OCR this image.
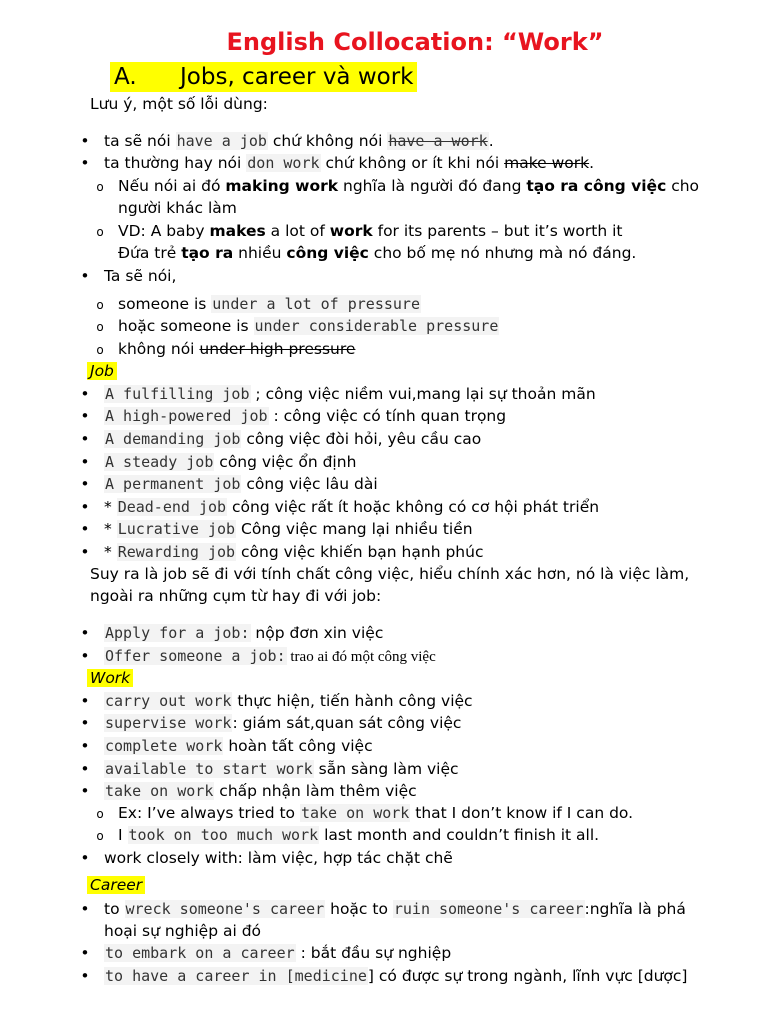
English Collocation: “Work”
A. Jobs, career và work
Lưu ý, một số lỗi dùng:
• ta sẽ nói have a job chứ không nói have a work.
• ta thường hay nói don work chứ không or ít khi nói make work.
o Nếu nói ai đó making work nghĩa là người đó đang tạo ra công việc cho
người khác làm
o VD: A baby makes a lot of work for its parents – but it’s worth it
Đứa trẻ tạo ra nhiều công việc cho bố mẹ nó nhưng mà nó đáng.
• Ta sẽ nói,
o someone is under a lot of pressure
o hoặc someone is under considerable pressure
o không nói under high pressure
Job
• A fulfilling job ; công việc niềm vui,mang lại sự thoản mãn
• A high-powered job : công việc có tính quan trọng
• A demanding job công việc đòi hỏi, yêu cầu cao
• A steady job công việc ổn định
• A permanent job công việc lâu dài
• * Dead-end job công việc rất ít hoặc không có cơ hội phát triển
• * Lucrative job Công việc mang lại nhiều tiền
• * Rewarding job công việc khiến bạn hạnh phúc
Suy ra là job sẽ đi với tính chất công việc, hiểu chính xác hơn, nó là việc làm,
ngoài ra những cụm từ hay đi với job:
• Apply for a job: nộp đơn xin việc
• Offer someone a job: trao ai đó một công việc
Work
• carry out work thực hiện, tiến hành công việc
• supervise work: giám sát,quan sát công việc
• complete work hoàn tất công việc
• available to start work sẵn sàng làm việc
• take on work chấp nhận làm thêm việc
o Ex: I’ve always tried to take on work that I don’t know if I can do.
o I took on too much work last month and couldn’t finish it all.
• work closely with: làm việc, hợp tác chặt chẽ
Career
• to wreck someone's career hoặc to ruin someone's career:nghĩa là phá
hoại sự nghiệp ai đó
• to embark on a career : bắt đầu sự nghiệp
• to have a career in [medicine] có được sự trong ngành, lĩnh vực [dược]
